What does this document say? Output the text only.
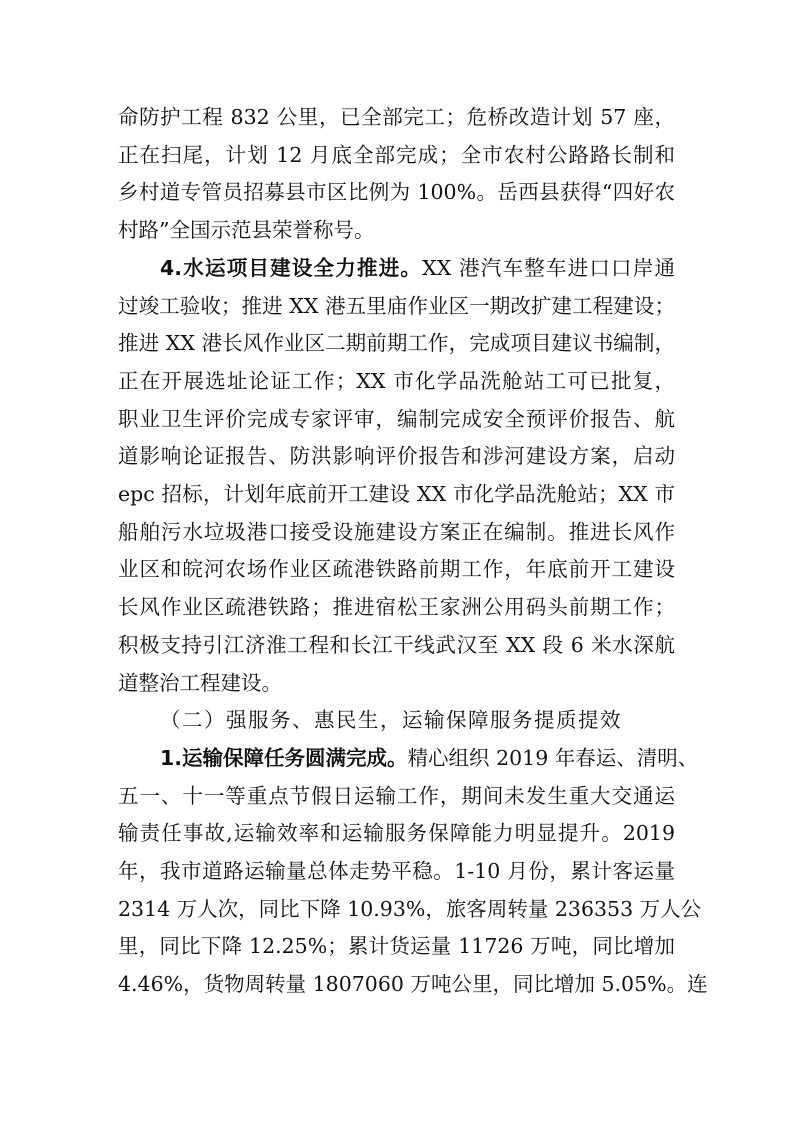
命防护工程 832 公里，已全部完工；危桥改造计划 57 座，
正在扫尾，计划 12 月底全部完成；全市农村公路路长制和
乡村道专管员招募县市区比例为 100%。岳西县获得“四好农
村路”全国示范县荣誉称号。
4.水运项目建设全力推进。XX 港汽车整车进口口岸通
过竣工验收；推进 XX 港五里庙作业区一期改扩建工程建设；
推进 XX 港长风作业区二期前期工作，完成项目建议书编制，
正在开展选址论证工作；XX 市化学品洗舱站工可已批复，
职业卫生评价完成专家评审，编制完成安全预评价报告、航
道影响论证报告、防洪影响评价报告和涉河建设方案，启动
epc 招标，计划年底前开工建设 XX 市化学品洗舱站；XX 市
船舶污水垃圾港口接受设施建设方案正在编制。推进长风作
业区和皖河农场作业区疏港铁路前期工作，年底前开工建设
长风作业区疏港铁路；推进宿松王家洲公用码头前期工作；
积极支持引江济淮工程和长江干线武汉至 XX 段 6 米水深航
道整治工程建设。
（二）强服务、惠民生，运输保障服务提质提效
1.运输保障任务圆满完成。精心组织 2019 年春运、清明、
五一、十一等重点节假日运输工作，期间未发生重大交通运
输责任事故,运输效率和运输服务保障能力明显提升。2019
年，我市道路运输量总体走势平稳。1-10 月份，累计客运量
2314 万人次，同比下降 10.93%，旅客周转量 236353 万人公
里，同比下降 12.25%；累计货运量 11726 万吨，同比增加
4.46%，货物周转量 1807060 万吨公里，同比增加 5.05%。连
